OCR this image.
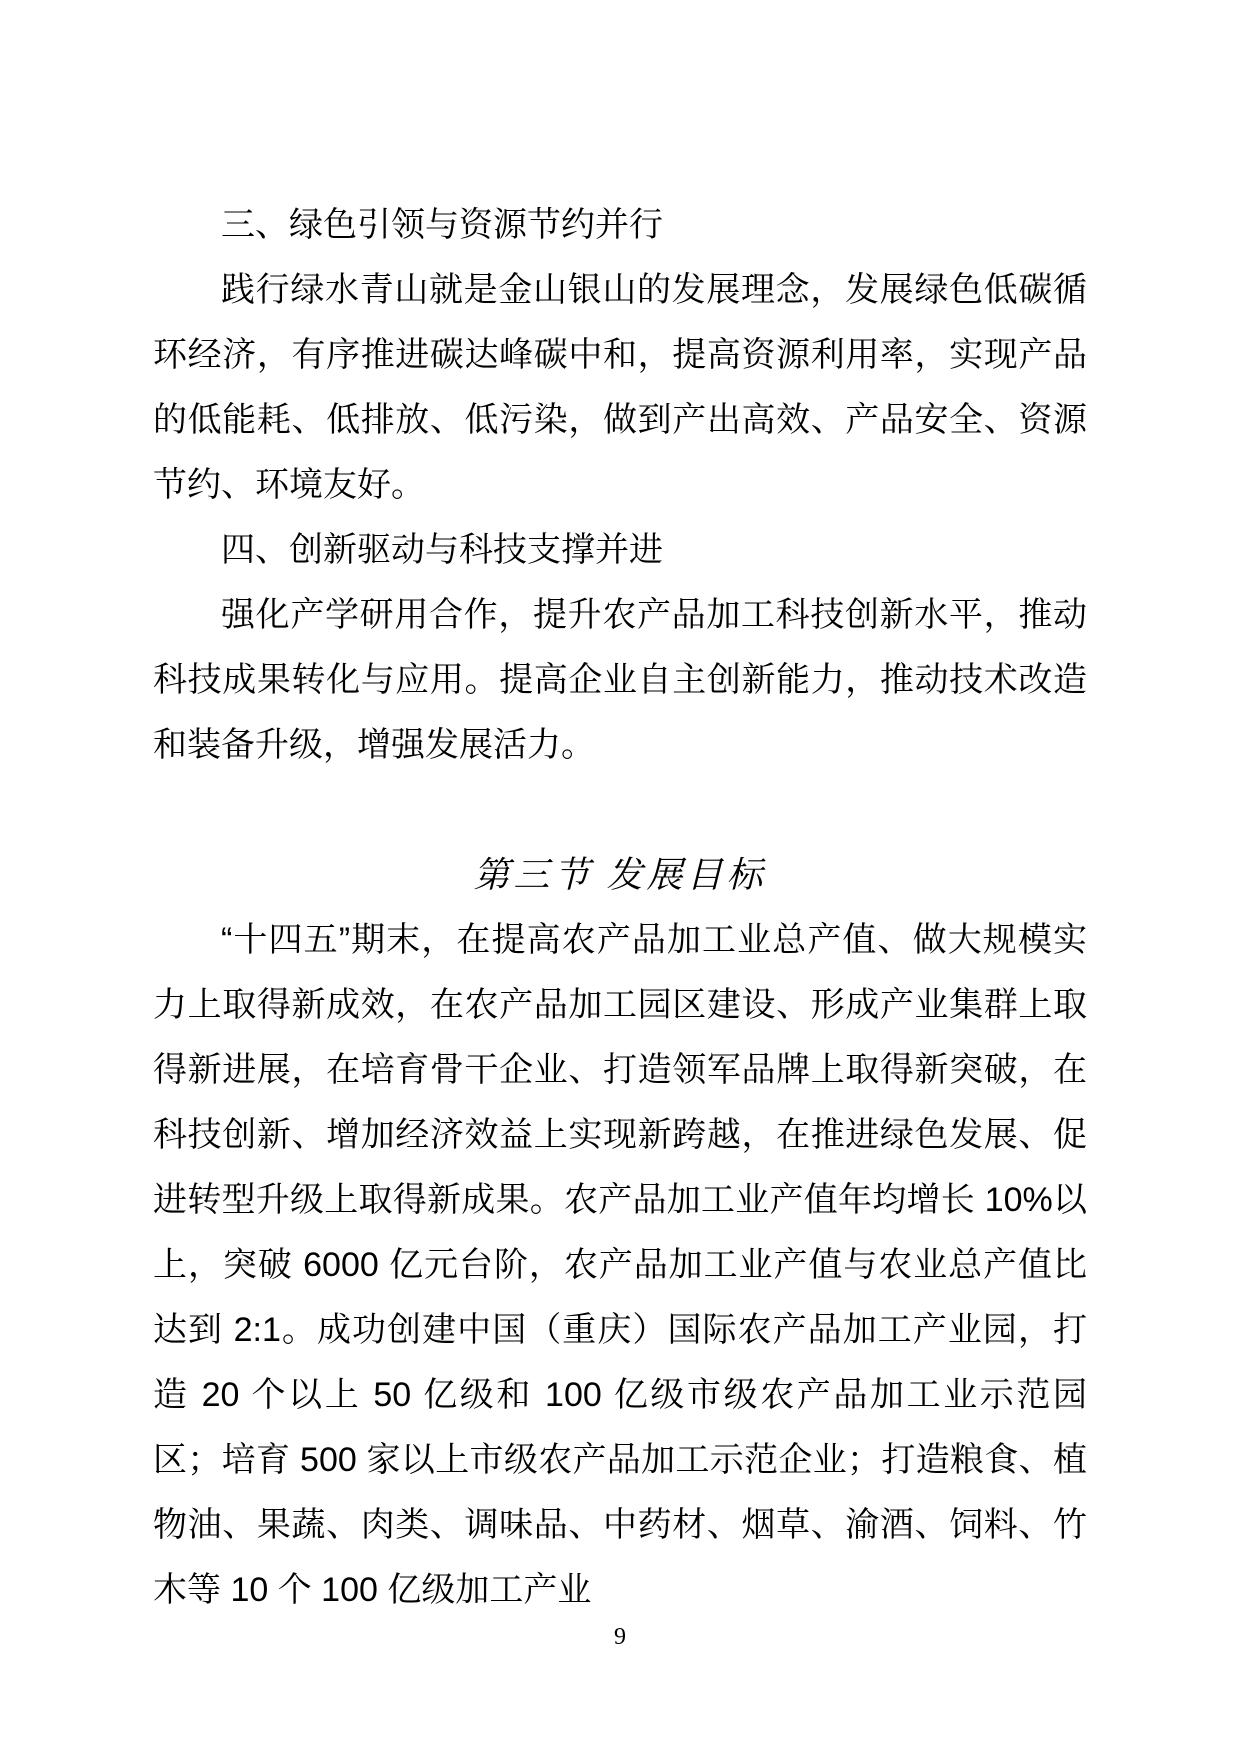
三、绿色引领与资源节约并行

践行绿水青山就是金山银山的发展理念，发展绿色低碳循环经济，有序推进碳达峰碳中和，提高资源利用率，实现产品的低能耗、低排放、低污染，做到产出高效、产品安全、资源节约、环境友好。

四、创新驱动与科技支撑并进

强化产学研用合作，提升农产品加工科技创新水平，推动科技成果转化与应用。提高企业自主创新能力，推动技术改造和装备升级，增强发展活力。

第三节 发展目标

“十四五”期末，在提高农产品加工业总产值、做大规模实力上取得新成效，在农产品加工园区建设、形成产业集群上取得新进展，在培育骨干企业、打造领军品牌上取得新突破，在科技创新、增加经济效益上实现新跨越，在推进绿色发展、促进转型升级上取得新成果。农产品加工业产值年均增长 10%以上，突破 6000 亿元台阶，农产品加工业产值与农业总产值比达到 2:1。成功创建中国（重庆）国际农产品加工产业园，打造 20 个以上 50 亿级和 100 亿级市级农产品加工业示范园区；培育 500 家以上市级农产品加工示范企业；打造粮食、植物油、果蔬、肉类、调味品、中药材、烟草、渝酒、饲料、竹木等 10 个 100 亿级加工产业

9
